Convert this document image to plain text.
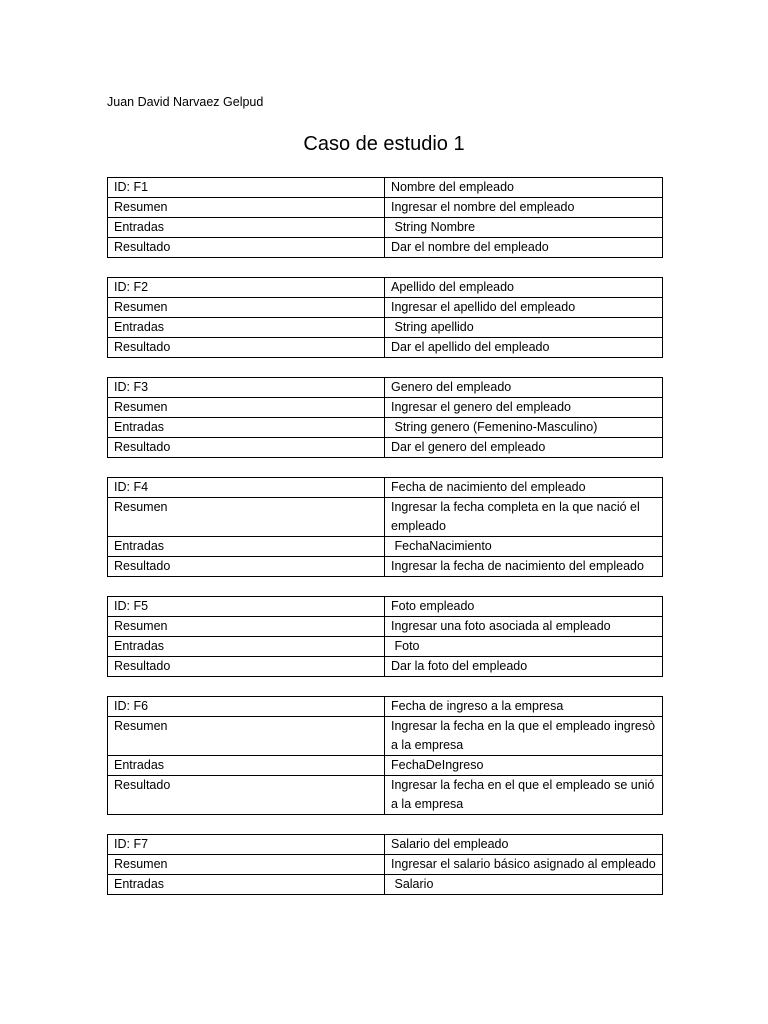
Juan David Narvaez Gelpud
Caso de estudio 1
ID: F1	Nombre del empleado
Resumen	Ingresar el nombre del empleado
Entradas	String Nombre
Resultado	Dar el nombre del empleado
ID: F2	Apellido del empleado
Resumen	Ingresar el apellido del empleado
Entradas	String apellido
Resultado	Dar el apellido del empleado
ID: F3	Genero del empleado
Resumen	Ingresar el genero del empleado
Entradas	String genero (Femenino-Masculino)
Resultado	Dar el genero del empleado
ID: F4	Fecha de nacimiento del empleado
Resumen	Ingresar la fecha completa en la que nació el empleado
Entradas	FechaNacimiento
Resultado	Ingresar la fecha de nacimiento del empleado
ID: F5	Foto empleado
Resumen	Ingresar una foto asociada al empleado
Entradas	Foto
Resultado	Dar la foto del empleado
ID: F6	Fecha de ingreso a la empresa
Resumen	Ingresar la fecha en la que el empleado ingresò a la empresa
Entradas	FechaDeIngreso
Resultado	Ingresar la fecha en el que el empleado se unió a la empresa
ID: F7	Salario del empleado
Resumen	Ingresar el salario básico asignado al empleado
Entradas	Salario
